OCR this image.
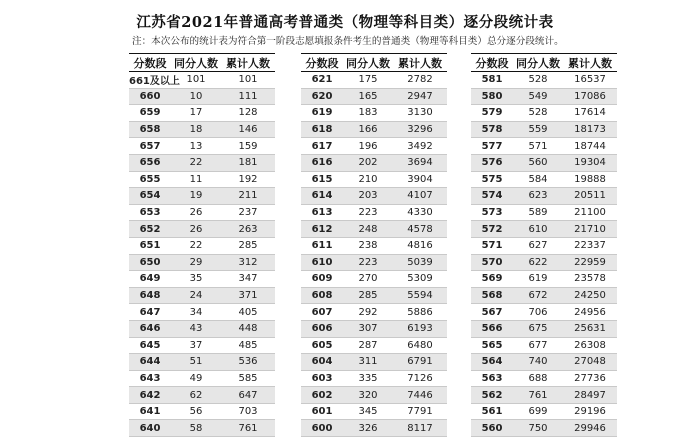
江苏省2021年普通高考普通类（物理等科目类）逐分段统计表
注：本次公布的统计表为符合第一阶段志愿填报条件考生的普通类（物理等科目类）总分逐分段统计。
分数段	同分人数	累计人数
661及以上	101	101
660	10	111
659	17	128
658	18	146
657	13	159
656	22	181
655	11	192
654	19	211
653	26	237
652	26	263
651	22	285
650	29	312
649	35	347
648	24	371
647	34	405
646	43	448
645	37	485
644	51	536
643	49	585
642	62	647
641	56	703
640	58	761
分数段	同分人数	累计人数
621	175	2782
620	165	2947
619	183	3130
618	166	3296
617	196	3492
616	202	3694
615	210	3904
614	203	4107
613	223	4330
612	248	4578
611	238	4816
610	223	5039
609	270	5309
608	285	5594
607	292	5886
606	307	6193
605	287	6480
604	311	6791
603	335	7126
602	320	7446
601	345	7791
600	326	8117
分数段	同分人数	累计人数
581	528	16537
580	549	17086
579	528	17614
578	559	18173
577	571	18744
576	560	19304
575	584	19888
574	623	20511
573	589	21100
572	610	21710
571	627	22337
570	622	22959
569	619	23578
568	672	24250
567	706	24956
566	675	25631
565	677	26308
564	740	27048
563	688	27736
562	761	28497
561	699	29196
560	750	29946
